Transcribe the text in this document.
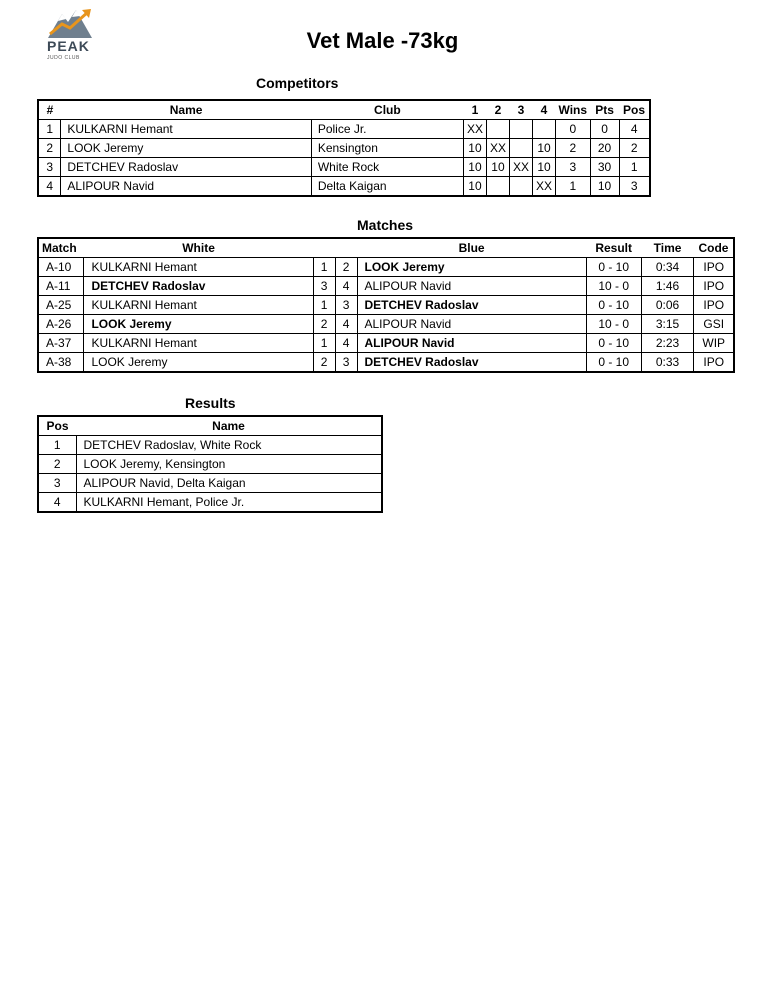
PEAK
JUDO CLUB
Vet Male -73kg
Competitors
#	Name	Club	1	2	3	4	Wins	Pts	Pos
1	KULKARNI Hemant	Police Jr.	XX				0	0	4
2	LOOK Jeremy	Kensington	10	XX		10	2	20	2
3	DETCHEV Radoslav	White Rock	10	10	XX	10	3	30	1
4	ALIPOUR Navid	Delta Kaigan	10			XX	1	10	3
Matches
Match	White			Blue	Result	Time	Code
A-10	KULKARNI Hemant	1	2	LOOK Jeremy	0 - 10	0:34	IPO
A-11	DETCHEV Radoslav	3	4	ALIPOUR Navid	10 - 0	1:46	IPO
A-25	KULKARNI Hemant	1	3	DETCHEV Radoslav	0 - 10	0:06	IPO
A-26	LOOK Jeremy	2	4	ALIPOUR Navid	10 - 0	3:15	GSI
A-37	KULKARNI Hemant	1	4	ALIPOUR Navid	0 - 10	2:23	WIP
A-38	LOOK Jeremy	2	3	DETCHEV Radoslav	0 - 10	0:33	IPO
Results
Pos	Name
1	DETCHEV Radoslav, White Rock
2	LOOK Jeremy, Kensington
3	ALIPOUR Navid, Delta Kaigan
4	KULKARNI Hemant, Police Jr.
